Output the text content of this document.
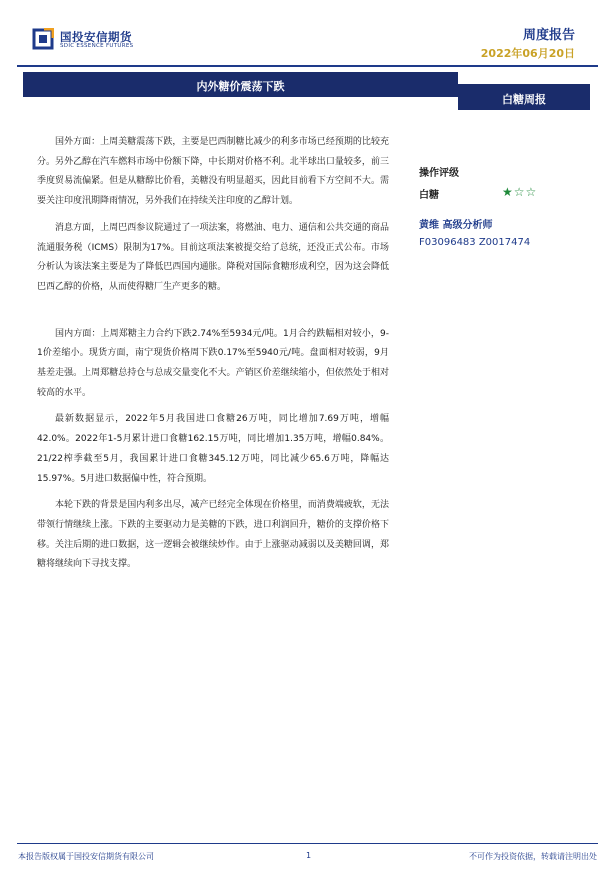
国投安信期货
SDIC ESSENCE FUTURES
周度报告
2022年06月20日
内外糖价震荡下跌
白糖周报

国外方面：上周美糖震荡下跌，主要是巴西制糖比减少的利多市场已经预期的比较充分。另外乙醇在汽车燃料市场中份额下降，中长期对价格不利。北半球出口量较多，前三季度贸易流偏紧。但是从糖醇比价看，美糖没有明显超买，因此目前看下方空间不大。需要关注印度汛期降雨情况，另外我们在持续关注印度的乙醇计划。

消息方面，上周巴西参议院通过了一项法案，将燃油、电力、通信和公共交通的商品流通服务税（ICMS）限制为17%。目前这项法案被提交给了总统，还没正式公布。市场分析认为该法案主要是为了降低巴西国内通胀。降税对国际食糖形成利空，因为这会降低巴西乙醇的价格，从而使得糖厂生产更多的糖。

国内方面：上周郑糖主力合约下跌2.74%至5934元/吨。1月合约跌幅相对较小，9-1价差缩小。现货方面，南宁现货价格周下跌0.17%至5940元/吨。盘面相对较弱，9月基差走强。上周郑糖总持仓与总成交量变化不大。产销区价差继续缩小，但依然处于相对较高的水平。

最新数据显示，2022年5月我国进口食糖26万吨，同比增加7.69万吨，增幅42.0%。2022年1-5月累计进口食糖162.15万吨，同比增加1.35万吨，增幅0.84%。21/22榨季截至5月，我国累计进口食糖345.12万吨，同比减少65.6万吨，降幅达15.97%。5月进口数据偏中性，符合预期。

本轮下跌的背景是国内利多出尽，减产已经完全体现在价格里，而消费端疲软，无法带领行情继续上涨。下跌的主要驱动力是美糖的下跌，进口利润回升，糖价的支撑价格下移。关注后期的进口数据，这一逻辑会被继续炒作。由于上涨驱动减弱以及美糖回调，郑糖将继续向下寻找支撑。

操作评级
白糖	★☆☆
黄维 高级分析师
F03096483 Z0017474
本报告版权属于国投安信期货有限公司	1	不可作为投资依据，转载请注明出处
